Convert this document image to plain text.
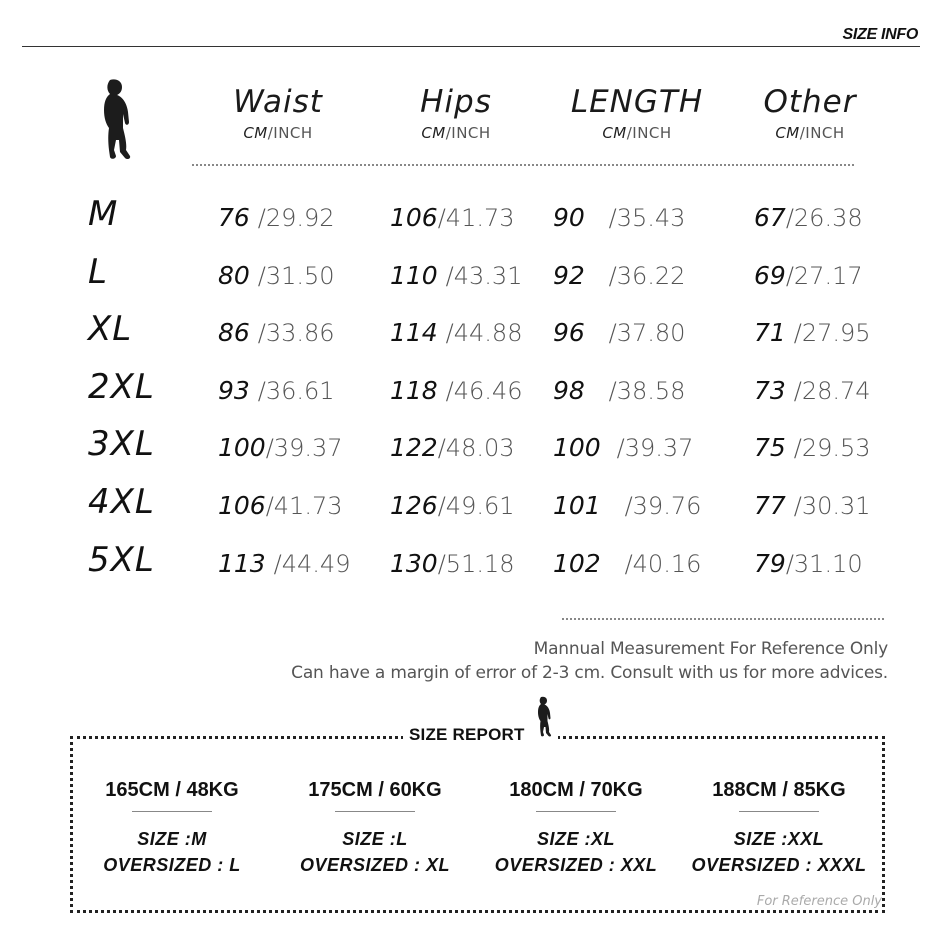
SIZE INFO
Waist
CM/INCH
Hips
CM/INCH
LENGTH
CM/INCH
Other
CM/INCH
M	76 /29.92 106/41.73 90 /35.43	67/26.38
L	80 /31.50 110 /43.31 92 /36.22	69/27.17
XL	86 /33.86 114 /44.88 96 /37.80	71 /27.95
2XL	93 /36.61 118 /46.46 98 /38.58	73 /28.74
3XL	100/39.37 122/48.03 100 /39.37 75 /29.53
4XL	106/41.73 126/49.61 101 /39.76 77 /30.31
5XL	113 /44.49 130/51.18 102 /40.16 79/31.10
Mannual Measurement For Reference Only
Can have a margin of error of 2-3 cm. Consult with us for more advices.
SIZE REPORT
165CM / 48KG
SIZE :M
OVERSIZED : L
175CM / 60KG
SIZE :L
OVERSIZED : XL
180CM / 70KG
SIZE :XL
OVERSIZED : XXL
188CM / 85KG
SIZE :XXL
OVERSIZED : XXXL
For Reference Only
